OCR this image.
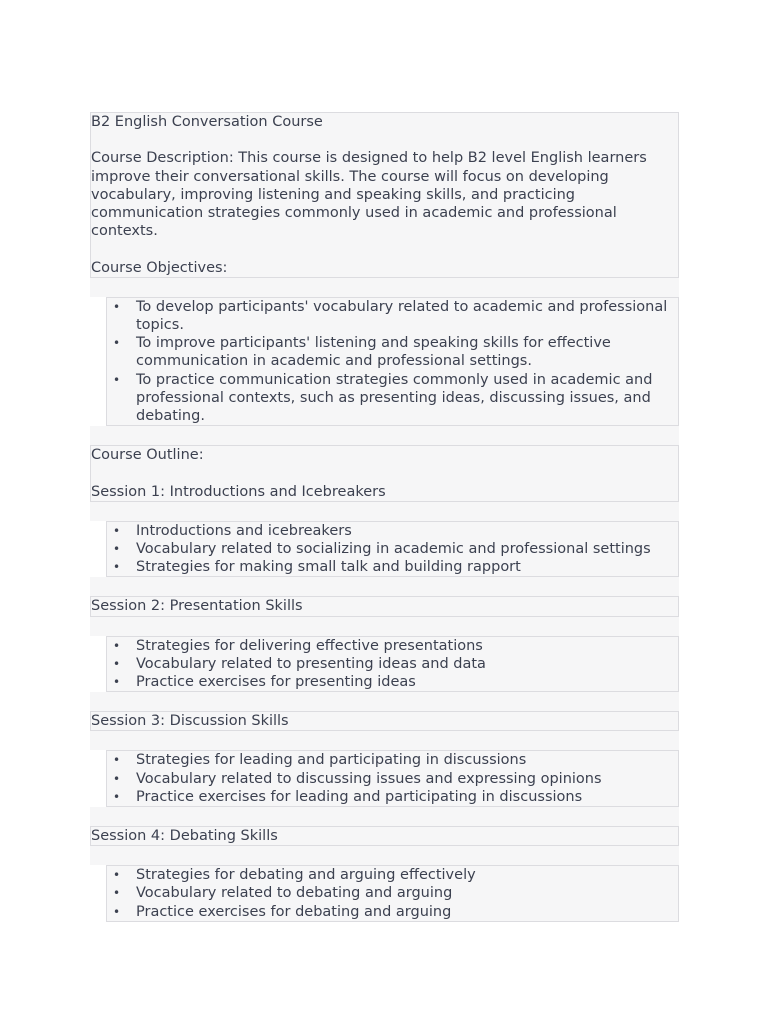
B2 English Conversation Course

Course Description: This course is designed to help B2 level English learners improve their conversational skills. The course will focus on developing vocabulary, improving listening and speaking skills, and practicing communication strategies commonly used in academic and professional contexts.

Course Objectives:

• To develop participants' vocabulary related to academic and professional topics.
• To improve participants' listening and speaking skills for effective communication in academic and professional settings.
• To practice communication strategies commonly used in academic and professional contexts, such as presenting ideas, discussing issues, and debating.

Course Outline:

Session 1: Introductions and Icebreakers

• Introductions and icebreakers
• Vocabulary related to socializing in academic and professional settings
• Strategies for making small talk and building rapport

Session 2: Presentation Skills

• Strategies for delivering effective presentations
• Vocabulary related to presenting ideas and data
• Practice exercises for presenting ideas

Session 3: Discussion Skills

• Strategies for leading and participating in discussions
• Vocabulary related to discussing issues and expressing opinions
• Practice exercises for leading and participating in discussions

Session 4: Debating Skills

• Strategies for debating and arguing effectively
• Vocabulary related to debating and arguing
• Practice exercises for debating and arguing
